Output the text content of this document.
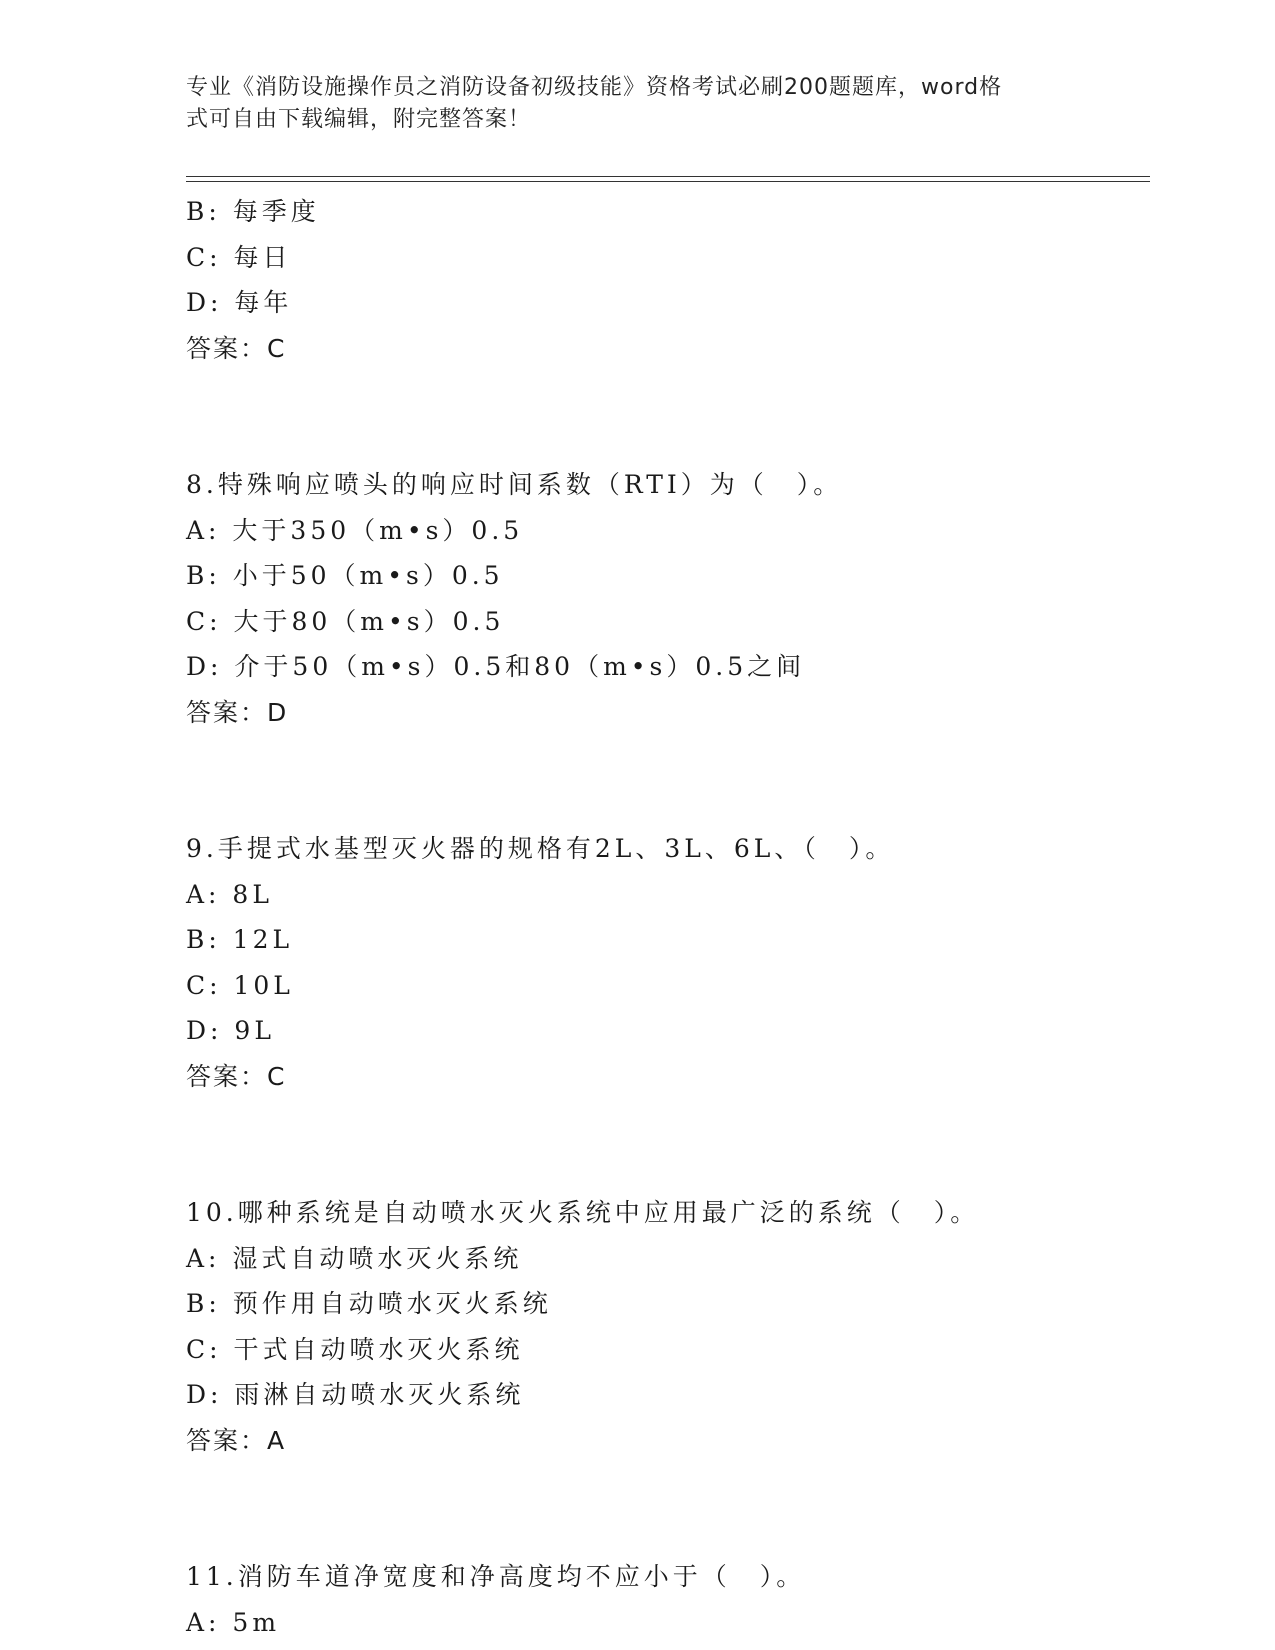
专业《消防设施操作员之消防设备初级技能》资格考试必刷200题题库，word格
式可自由下载编辑，附完整答案！
B: 每季度
C: 每日
D: 每年
答案：C
8.特殊响应喷头的响应时间系数（RTI）为（　）。
A: 大于350（m•s）0.5
B: 小于50（m•s）0.5
C: 大于80（m•s）0.5
D: 介于50（m•s）0.5和80（m•s）0.5之间
答案：D
9.手提式水基型灭火器的规格有2L、3L、6L、（　）。
A: 8L
B: 12L
C: 10L
D: 9L
答案：C
10.哪种系统是自动喷水灭火系统中应用最广泛的系统（　）。
A: 湿式自动喷水灭火系统
B: 预作用自动喷水灭火系统
C: 干式自动喷水灭火系统
D: 雨淋自动喷水灭火系统
答案：A
11.消防车道净宽度和净高度均不应小于（　）。
A: 5m
